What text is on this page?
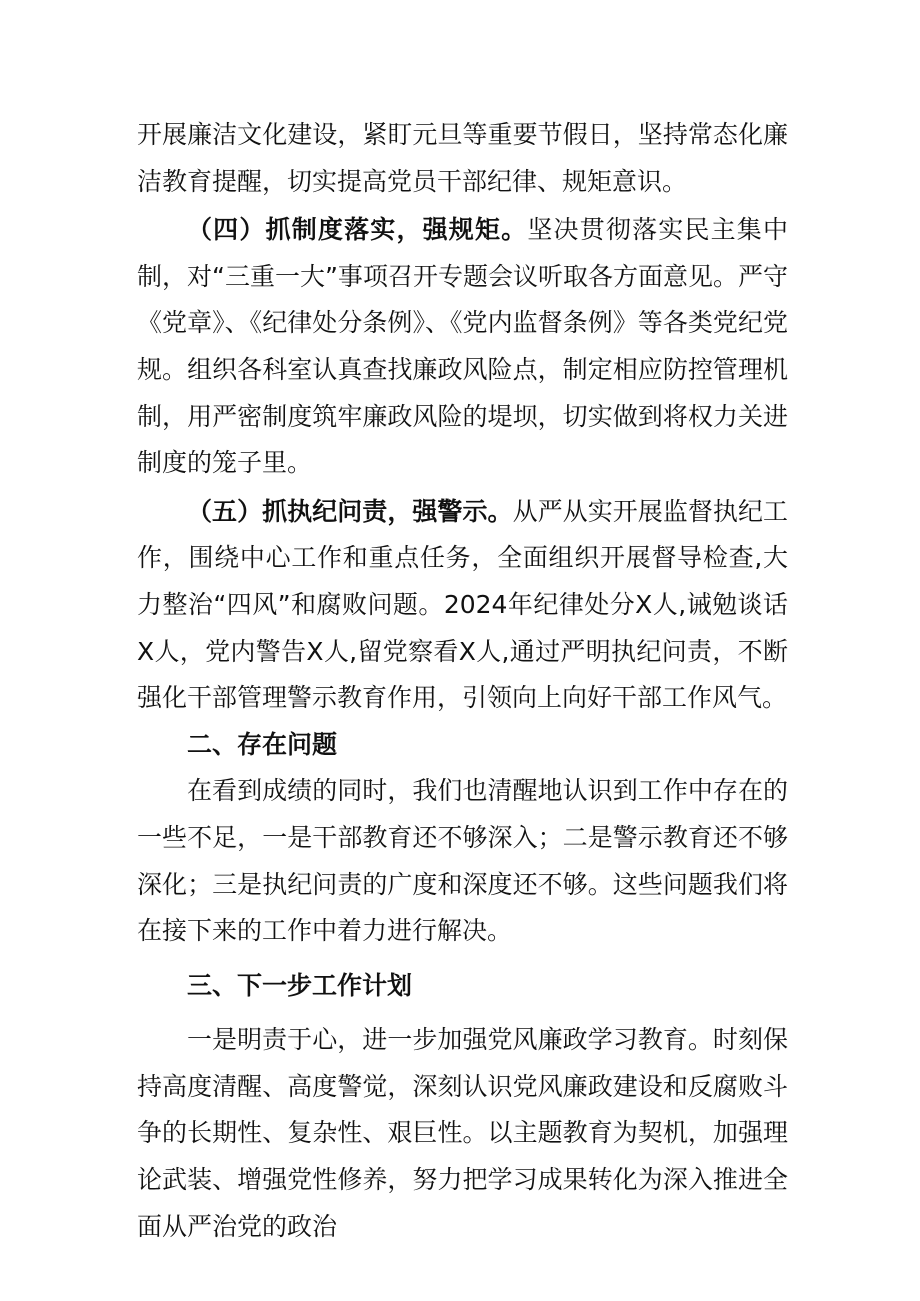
开展廉洁文化建设，紧盯元旦等重要节假日，坚持常态化廉洁教育提醒，切实提高党员干部纪律、规矩意识。

（四）抓制度落实，强规矩。坚决贯彻落实民主集中制，对“三重一大”事项召开专题会议听取各方面意见。严守《党章》、《纪律处分条例》、《党内监督条例》等各类党纪党规。组织各科室认真查找廉政风险点，制定相应防控管理机制，用严密制度筑牢廉政风险的堤坝，切实做到将权力关进制度的笼子里。

（五）抓执纪问责，强警示。从严从实开展监督执纪工作，围绕中心工作和重点任务，全面组织开展督导检查,大力整治“四风”和腐败问题。2024年纪律处分X人,诫勉谈话X人，党内警告X人,留党察看X人,通过严明执纪问责，不断强化干部管理警示教育作用，引领向上向好干部工作风气。

二、存在问题

在看到成绩的同时，我们也清醒地认识到工作中存在的一些不足，一是干部教育还不够深入；二是警示教育还不够深化；三是执纪问责的广度和深度还不够。这些问题我们将在接下来的工作中着力进行解决。

三、下一步工作计划

一是明责于心，进一步加强党风廉政学习教育。时刻保持高度清醒、高度警觉，深刻认识党风廉政建设和反腐败斗争的长期性、复杂性、艰巨性。以主题教育为契机，加强理论武装、增强党性修养，努力把学习成果转化为深入推进全面从严治党的政治
